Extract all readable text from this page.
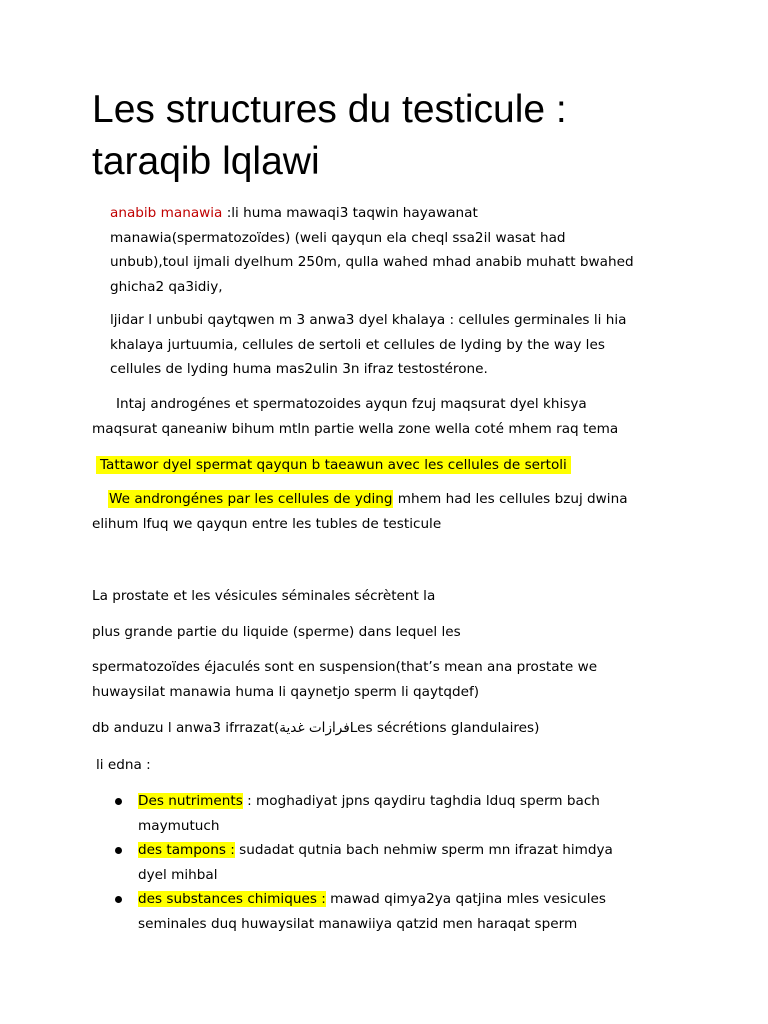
Les structures du testicule :
taraqib lqlawi

anabib manawia :li huma mawaqi3 taqwin hayawanat
manawia(spermatozoïdes) (weli qayqun ela cheql ssa2il wasat had
unbub),toul ijmali dyelhum 250m, qulla wahed mhad anabib muhatt bwahed
ghicha2 qa3idiy,

ljidar l unbubi qaytqwen m 3 anwa3 dyel khalaya : cellules germinales li hia
khalaya jurtuumia, cellules de sertoli et cellules de lyding by the way les
cellules de lyding huma mas2ulin 3n ifraz testostérone.

Intaj androgénes et spermatozoides ayqun fzuj maqsurat dyel khisya
maqsurat qaneaniw bihum mtln partie wella zone wella coté mhem raq tema

Tattawor dyel spermat qayqun b taeawun avec les cellules de sertoli

We androngénes par les cellules de yding mhem had les cellules bzuj dwina
elihum lfuq we qayqun entre les tubles de testicule

La prostate et les vésicules séminales sécrètent la

plus grande partie du liquide (sperme) dans lequel les

spermatozoïdes éjaculés sont en suspension(that’s mean ana prostate we
huwaysilat manawia huma li qaynetjo sperm li qaytqdef)

db anduzu l anwa3 ifrrazat(فرازات غديةLes sécrétions glandulaires)

li edna :

Des nutriments : moghadiyat jpns qaydiru taghdia lduq sperm bach
maymutuch
des tampons : sudadat qutnia bach nehmiw sperm mn ifrazat himdya
dyel mihbal
des substances chimiques : mawad qimya2ya qatjina mles vesicules
seminales duq huwaysilat manawiiya qatzid men haraqat sperm
